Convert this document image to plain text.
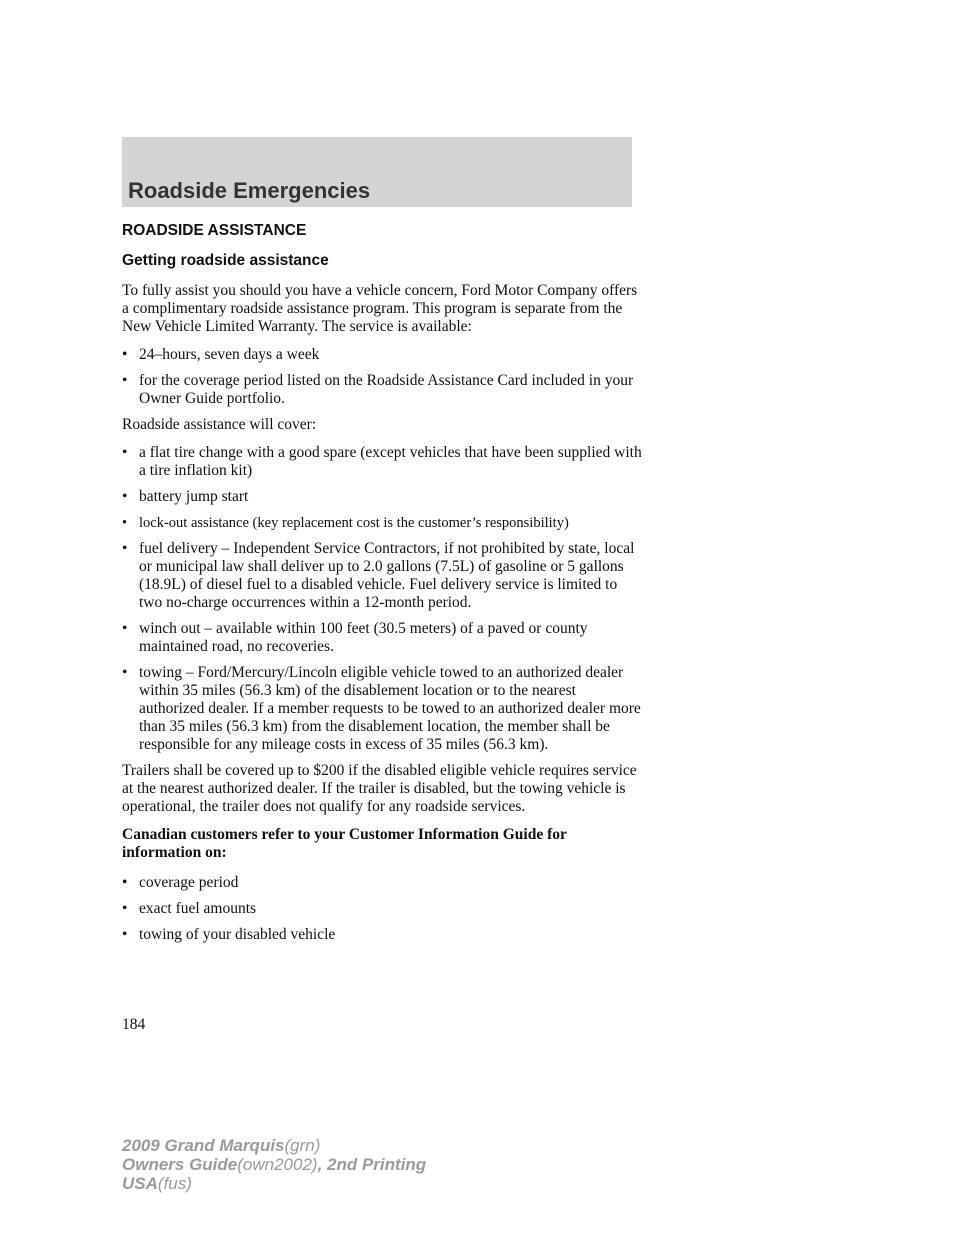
Roadside Emergencies
ROADSIDE ASSISTANCE
Getting roadside assistance

To fully assist you should you have a vehicle concern, Ford Motor Company offers a complimentary roadside assistance program. This program is separate from the New Vehicle Limited Warranty. The service is available:

• 24–hours, seven days a week
• for the coverage period listed on the Roadside Assistance Card included in your Owner Guide portfolio.

Roadside assistance will cover:

• a flat tire change with a good spare (except vehicles that have been supplied with a tire inflation kit)
• battery jump start
• lock-out assistance (key replacement cost is the customer’s responsibility)
• fuel delivery – Independent Service Contractors, if not prohibited by state, local or municipal law shall deliver up to 2.0 gallons (7.5L) of gasoline or 5 gallons (18.9L) of diesel fuel to a disabled vehicle. Fuel delivery service is limited to two no-charge occurrences within a 12-month period.
• winch out – available within 100 feet (30.5 meters) of a paved or county maintained road, no recoveries.
• towing – Ford/Mercury/Lincoln eligible vehicle towed to an authorized dealer within 35 miles (56.3 km) of the disablement location or to the nearest authorized dealer. If a member requests to be towed to an authorized dealer more than 35 miles (56.3 km) from the disablement location, the member shall be responsible for any mileage costs in excess of 35 miles (56.3 km).

Trailers shall be covered up to $200 if the disabled eligible vehicle requires service at the nearest authorized dealer. If the trailer is disabled, but the towing vehicle is operational, the trailer does not qualify for any roadside services.

Canadian customers refer to your Customer Information Guide for information on:
• coverage period
• exact fuel amounts
• towing of your disabled vehicle
184
2009 Grand Marquis(grn)
Owners Guide(own2002), 2nd Printing
USA(fus)
